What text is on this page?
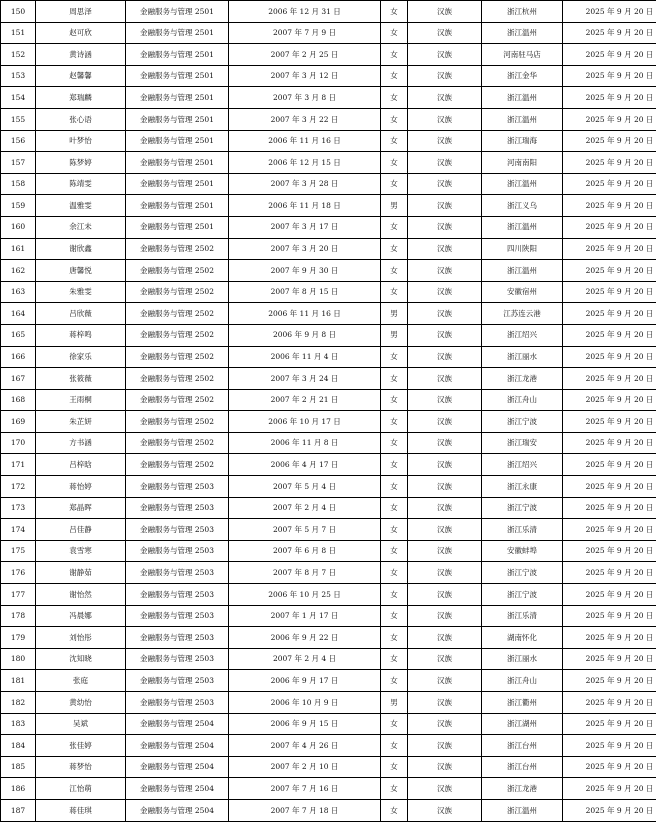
150	周思泽	金融服务与管理 2501	2006 年 12 月 31 日	女	汉族	浙江杭州	2025 年 9 月 20 日
151	赵可欣	金融服务与管理 2501	2007 年 7 月 9 日	女	汉族	浙江温州	2025 年 9 月 20 日
152	黄诗涵	金融服务与管理 2501	2007 年 2 月 25 日	女	汉族	河南驻马店	2025 年 9 月 20 日
153	赵馨馨	金融服务与管理 2501	2007 年 3 月 12 日	女	汉族	浙江金华	2025 年 9 月 20 日
154	郑瑞麟	金融服务与管理 2501	2007 年 3 月 8 日	女	汉族	浙江温州	2025 年 9 月 20 日
155	张心语	金融服务与管理 2501	2007 年 3 月 22 日	女	汉族	浙江温州	2025 年 9 月 20 日
156	叶梦怡	金融服务与管理 2501	2006 年 11 月 16 日	女	汉族	浙江瑞海	2025 年 9 月 20 日
157	陈梦婷	金融服务与管理 2501	2006 年 12 月 15 日	女	汉族	河南南阳	2025 年 9 月 20 日
158	陈靖雯	金融服务与管理 2501	2007 年 3 月 28 日	女	汉族	浙江温州	2025 年 9 月 20 日
159	温雅雯	金融服务与管理 2501	2006 年 11 月 18 日	男	汉族	浙江义乌	2025 年 9 月 20 日
160	余江未	金融服务与管理 2501	2007 年 3 月 17 日	女	汉族	浙江温州	2025 年 9 月 20 日
161	谢欣鑫	金融服务与管理 2502	2007 年 3 月 20 日	女	汉族	四川陕阳	2025 年 9 月 20 日
162	唐馨悦	金融服务与管理 2502	2007 年 9 月 30 日	女	汉族	浙江温州	2025 年 9 月 20 日
163	朱雅雯	金融服务与管理 2502	2007 年 8 月 15 日	女	汉族	安徽宿州	2025 年 9 月 20 日
164	吕欣薇	金融服务与管理 2502	2006 年 11 月 16 日	男	汉族	江苏连云港	2025 年 9 月 20 日
165	蒋梓鸣	金融服务与管理 2502	2006 年 9 月 8 日	男	汉族	浙江绍兴	2025 年 9 月 20 日
166	徐家乐	金融服务与管理 2502	2006 年 11 月 4 日	女	汉族	浙江丽水	2025 年 9 月 20 日
167	张筱薇	金融服务与管理 2502	2007 年 3 月 24 日	女	汉族	浙江龙港	2025 年 9 月 20 日
168	王雨桐	金融服务与管理 2502	2007 年 2 月 21 日	女	汉族	浙江舟山	2025 年 9 月 20 日
169	朱芷妍	金融服务与管理 2502	2006 年 10 月 17 日	女	汉族	浙江宁波	2025 年 9 月 20 日
170	方书涵	金融服务与管理 2502	2006 年 11 月 8 日	女	汉族	浙江瑞安	2025 年 9 月 20 日
171	吕梓晗	金融服务与管理 2502	2006 年 4 月 17 日	女	汉族	浙江绍兴	2025 年 9 月 20 日
172	蒋怡婷	金融服务与管理 2503	2007 年 5 月 4 日	女	汉族	浙江永康	2025 年 9 月 20 日
173	郑晶晖	金融服务与管理 2503	2007 年 2 月 4 日	女	汉族	浙江宁波	2025 年 9 月 20 日
174	吕佳静	金融服务与管理 2503	2007 年 5 月 7 日	女	汉族	浙江乐清	2025 年 9 月 20 日
175	袁雪寒	金融服务与管理 2503	2007 年 6 月 8 日	女	汉族	安徽蚌埠	2025 年 9 月 20 日
176	谢静茹	金融服务与管理 2503	2007 年 8 月 7 日	女	汉族	浙江宁波	2025 年 9 月 20 日
177	谢怡然	金融服务与管理 2503	2006 年 10 月 25 日	女	汉族	浙江宁波	2025 年 9 月 20 日
178	冯晨娜	金融服务与管理 2503	2007 年 1 月 17 日	女	汉族	浙江乐清	2025 年 9 月 20 日
179	刘怡彤	金融服务与管理 2503	2006 年 9 月 22 日	女	汉族	湖南怀化	2025 年 9 月 20 日
180	沈知晓	金融服务与管理 2503	2007 年 2 月 4 日	女	汉族	浙江丽水	2025 年 9 月 20 日
181	张庭	金融服务与管理 2503	2006 年 9 月 17 日	女	汉族	浙江舟山	2025 年 9 月 20 日
182	黄幼怡	金融服务与管理 2503	2006 年 10 月 9 日	男	汉族	浙江衢州	2025 年 9 月 20 日
183	吴斌	金融服务与管理 2504	2006 年 9 月 15 日	女	汉族	浙江湖州	2025 年 9 月 20 日
184	张佳婷	金融服务与管理 2504	2007 年 4 月 26 日	女	汉族	浙江台州	2025 年 9 月 20 日
185	蒋梦怡	金融服务与管理 2504	2007 年 2 月 10 日	女	汉族	浙江台州	2025 年 9 月 20 日
186	江怡萌	金融服务与管理 2504	2007 年 7 月 16 日	女	汉族	浙江龙港	2025 年 9 月 20 日
187	蒋佳琪	金融服务与管理 2504	2007 年 7 月 18 日	女	汉族	浙江温州	2025 年 9 月 20 日
